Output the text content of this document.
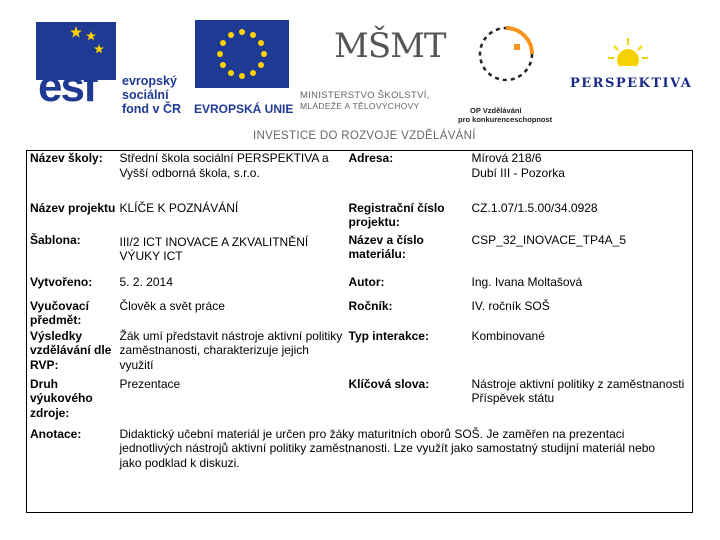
esf evropský
sociální
fond v ČR EVROPSKÁ UNIE
MŠMT
MINISTERSTVO ŠKOLSTVÍ,
MLÁDEŽE A TĚLOVÝCHOVY	OP Vzdělávání
pro konkurenceschopnost
PERSPEKTIVA
INVESTICE DO ROZVOJE VZDĚLÁVÁNÍ
Název školy:	Střední škola sociální PERSPEKTIVA a Vyšší odborná škola, s.r.o.	Adresa:	Mírová 218/6
Dubí III - Pozorka

Název projektu	KLÍČE K POZNÁVÁNÍ	Registrační číslo projektu:	CZ.1.07/1.5.00/34.0928
Šablona:	III/2 ICT INOVACE A ZKVALITNĚNÍ VÝUKY ICT	Název a číslo materiálu:	CSP_32_INOVACE_TP4A_5
Vytvořeno:	5. 2. 2014	Autor:	Ing. Ivana Moltašová
Vyučovací předmět:	Člověk a svět práce	Ročník:	IV. ročník SOŠ
Výsledky vzdělávání dle RVP:	Žák umí představit nástroje aktivní politiky zaměstnanosti, charakterizuje jejich využití	Typ interakce:	Kombinované
Druh výukového zdroje:	Prezentace	Klíčová slova:	Nástroje aktivní politiky z zaměstnanosti
Příspěvek státu

Anotace:	Didaktický učební materiál je určen pro žáky maturitních oborů SOŠ. Je zaměřen na prezentaci jednotlivých nástrojů aktivní politiky zaměstnanosti. Lze využít jako samostatný studijní materiál nebo jako podklad k diskuzi.		
